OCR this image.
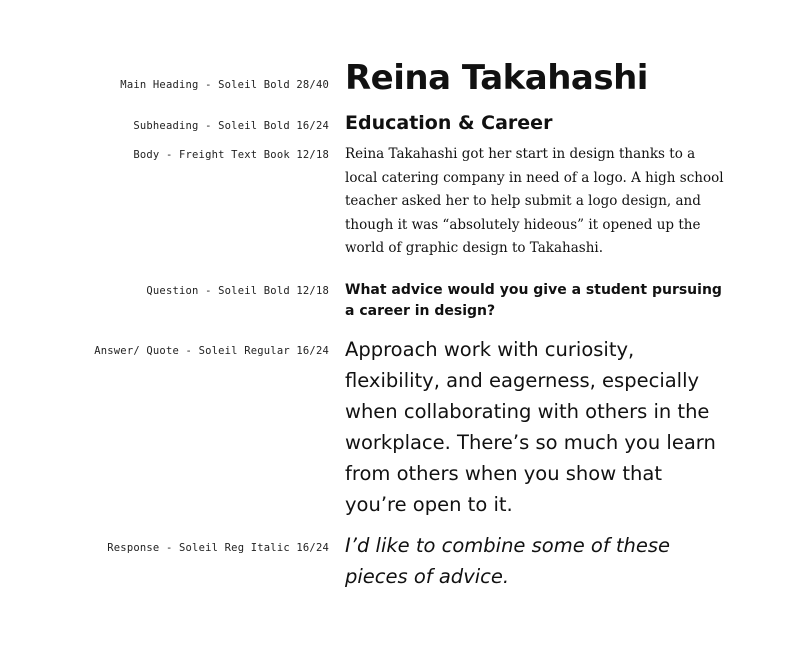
Main Heading - Soleil Bold 28/40
Subheading - Soleil Bold 16/24
Body - Freight Text Book 12/18
Question - Soleil Bold 12/18
Answer/ Quote - Soleil Regular 16/24
Response - Soleil Reg Italic 16/24
Reina Takahashi
Education & Career
Reina Takahashi got her start in design thanks to a
local catering company in need of a logo. A high school
teacher asked her to help submit a logo design, and
though it was “absolutely hideous” it opened up the
world of graphic design to Takahashi.
What advice would you give a student pursuing
a career in design?
Approach work with curiosity,
flexibility, and eagerness, especially
when collaborating with others in the
workplace. There’s so much you learn
from others when you show that
you’re open to it.
I’d like to combine some of these
pieces of advice.
